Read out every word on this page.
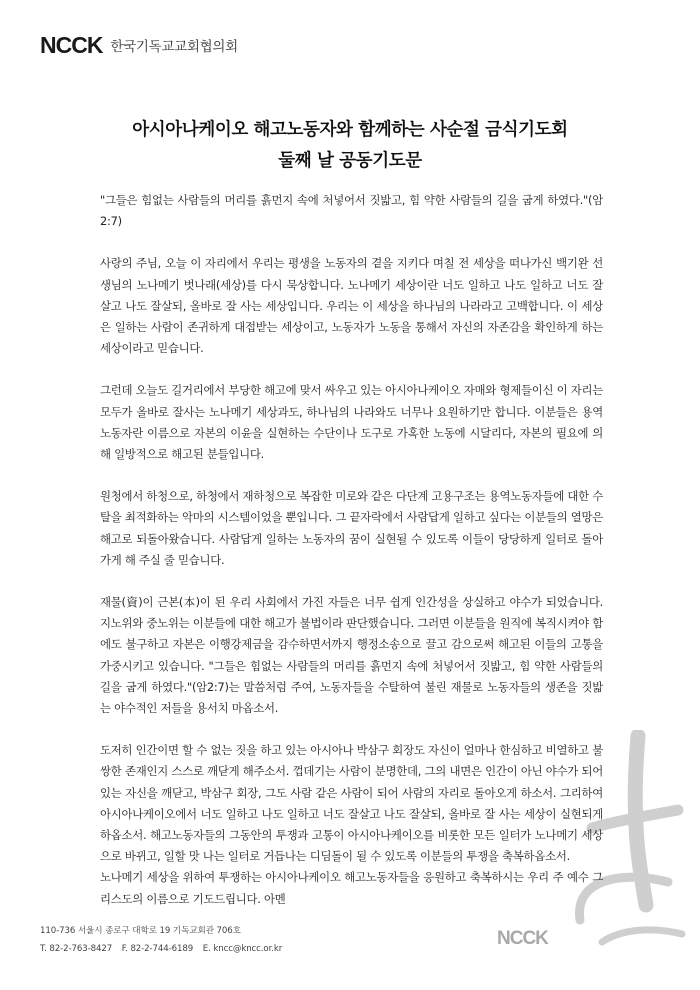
NCCK 한국기독교교회협의회
아시아나케이오 해고노동자와 함께하는 사순절 금식기도회
둘째 날 공동기도문

"그들은 힘없는 사람들의 머리를 흙먼지 속에 처넣어서 짓밟고, 힘 약한 사람들의 길을 굽게 하였다."(암2:7)

사랑의 주님, 오늘 이 자리에서 우리는 평생을 노동자의 곁을 지키다 며칠 전 세상을 떠나가신 백기완 선생님의 노나메기 벗나래(세상)를 다시 묵상합니다. 노나메기 세상이란 너도 일하고 나도 일하고 너도 잘살고 나도 잘살되, 올바로 잘 사는 세상입니다. 우리는 이 세상을 하나님의 나라라고 고백합니다. 이 세상은 일하는 사람이 존귀하게 대접받는 세상이고, 노동자가 노동을 통해서 자신의 자존감을 확인하게 하는 세상이라고 믿습니다.

그런데 오늘도 길거리에서 부당한 해고에 맞서 싸우고 있는 아시아나케이오 자매와 형제들이신 이 자리는 모두가 올바로 잘사는 노나메기 세상과도, 하나님의 나라와도 너무나 요원하기만 합니다. 이분들은 용역노동자란 이름으로 자본의 이윤을 실현하는 수단이나 도구로 가혹한 노동에 시달리다, 자본의 필요에 의해 일방적으로 해고된 분들입니다.

원청에서 하청으로, 하청에서 재하청으로 복잡한 미로와 같은 다단계 고용구조는 용역노동자들에 대한 수탈을 최적화하는 악마의 시스템이었을 뿐입니다. 그 끝자락에서 사람답게 일하고 싶다는 이분들의 열망은 해고로 되돌아왔습니다. 사람답게 일하는 노동자의 꿈이 실현될 수 있도록 이들이 당당하게 일터로 돌아가게 해 주실 줄 믿습니다.

재물(資)이 근본(本)이 된 우리 사회에서 가진 자들은 너무 쉽게 인간성을 상실하고 야수가 되었습니다. 지노위와 중노위는 이분들에 대한 해고가 불법이라 판단했습니다. 그러면 이분들을 원직에 복직시켜야 함에도 불구하고 자본은 이행강제금을 감수하면서까지 행정소송으로 끌고 감으로써 해고된 이들의 고통을 가중시키고 있습니다. "그들은 힘없는 사람들의 머리를 흙먼지 속에 처넣어서 짓밟고, 힘 약한 사람들의 길을 굽게 하였다."(암2:7)는 말씀처럼 주여, 노동자들을 수탈하여 불린 재물로 노동자들의 생존을 짓밟는 야수적인 저들을 용서치 마옵소서.

도저히 인간이면 할 수 없는 짓을 하고 있는 아시아나 박삼구 회장도 자신이 얼마나 한심하고 비열하고 불쌍한 존재인지 스스로 깨닫게 해주소서. 껍데기는 사람이 분명한데, 그의 내면은 인간이 아닌 야수가 되어있는 자신을 깨닫고, 박삼구 회장, 그도 사람 같은 사람이 되어 사람의 자리로 돌아오게 하소서. 그리하여 아시아나케이오에서 너도 일하고 나도 일하고 너도 잘살고 나도 잘살되, 올바로 잘 사는 세상이 실현되게 하옵소서. 해고노동자들의 그동안의 투쟁과 고통이 아시아나케이오를 비롯한 모든 일터가 노나메기 세상으로 바뀌고, 일할 맛 나는 일터로 거듭나는 디딤돌이 될 수 있도록 이분들의 투쟁을 축복하옵소서.

노나메기 세상을 위하여 투쟁하는 아시아나케이오 해고노동자들을 응원하고 축복하시는 우리 주 예수 그리스도의 이름으로 기도드립니다. 아멘

NCCK
110-736 서울시 종로구 대학로 19 기독교회관 706호
T. 82-2-763-8427 F. 82-2-744-6189 E. kncc@kncc.or.kr
